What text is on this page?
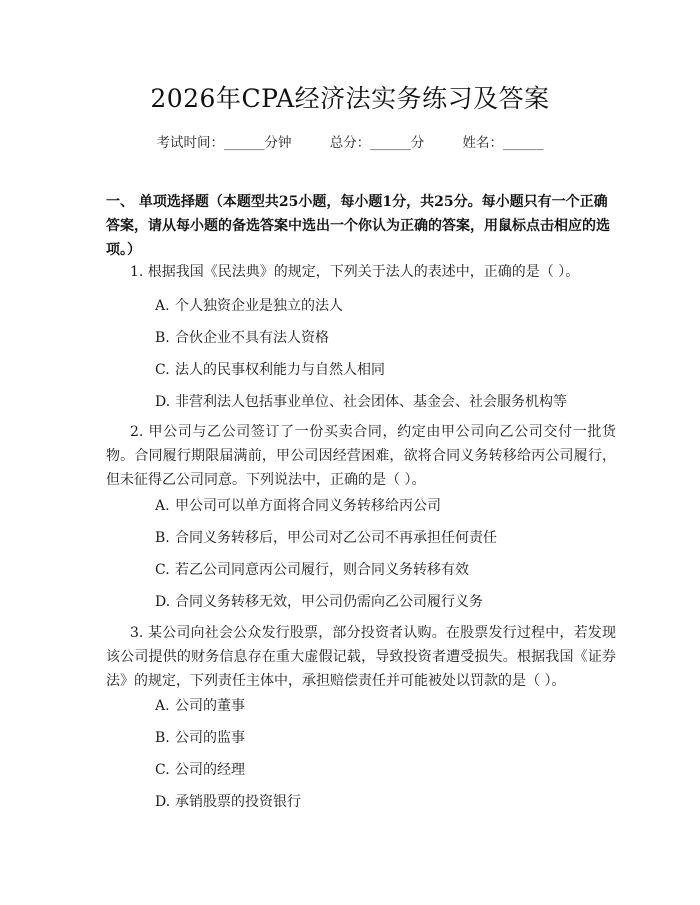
2026年CPA经济法实务练习及答案
考试时间：______分钟	总分：______分	姓名：______
一、 单项选择题（本题型共25小题，每小题1分，共25分。每小题只有一个正确答案，请从每小题的备选答案中选出一个你认为正确的答案，用鼠标点击相应的选项。）
1. 根据我国《民法典》的规定，下列关于法人的表述中，正确的是（ ）。
A. 个人独资企业是独立的法人
B. 合伙企业不具有法人资格
C. 法人的民事权利能力与自然人相同
D. 非营利法人包括事业单位、社会团体、基金会、社会服务机构等
2. 甲公司与乙公司签订了一份买卖合同，约定由甲公司向乙公司交付一批货物。合同履行期限届满前，甲公司因经营困难，欲将合同义务转移给丙公司履行，但未征得乙公司同意。下列说法中，正确的是（ ）。
A. 甲公司可以单方面将合同义务转移给丙公司
B. 合同义务转移后，甲公司对乙公司不再承担任何责任
C. 若乙公司同意丙公司履行，则合同义务转移有效
D. 合同义务转移无效，甲公司仍需向乙公司履行义务
3. 某公司向社会公众发行股票，部分投资者认购。在股票发行过程中，若发现该公司提供的财务信息存在重大虚假记载，导致投资者遭受损失。根据我国《证券法》的规定，下列责任主体中，承担赔偿责任并可能被处以罚款的是（ ）。
A. 公司的董事
B. 公司的监事
C. 公司的经理
D. 承销股票的投资银行
